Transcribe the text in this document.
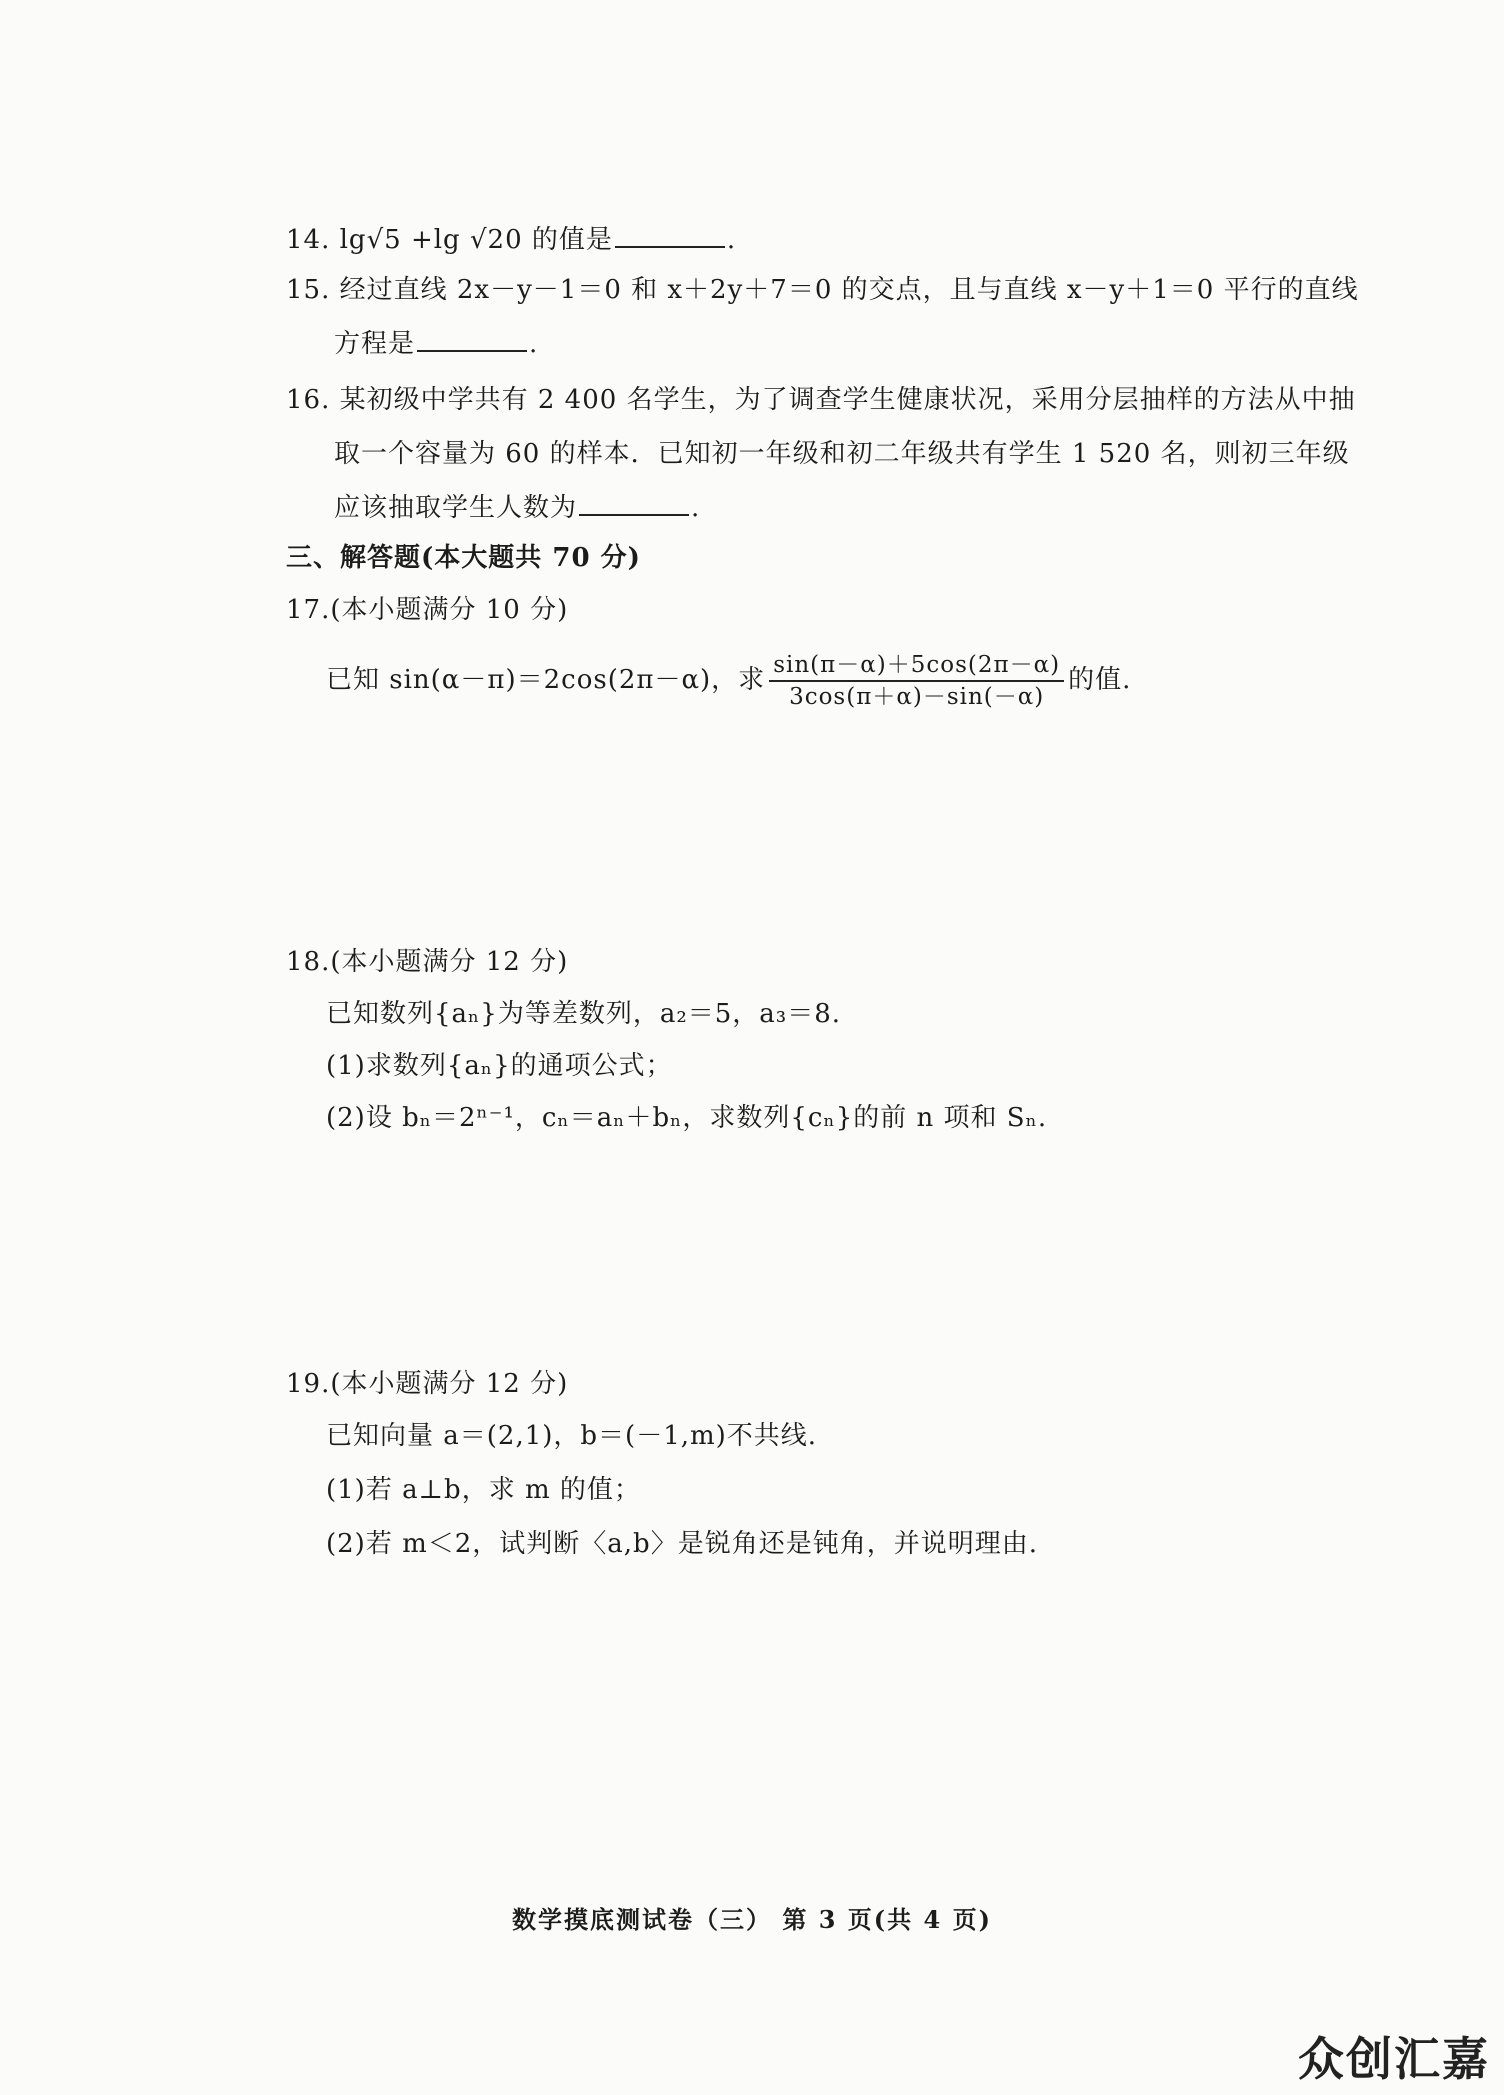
14. lg√5 +lg √20 的值是	.
15. 经过直线 2x－y－1＝0 和 x＋2y＋7＝0 的交点，且与直线 x－y＋1＝0 平行的直线
方程是	.
16. 某初级中学共有 2 400 名学生，为了调查学生健康状况，采用分层抽样的方法从中抽
取一个容量为 60 的样本．已知初一年级和初二年级共有学生 1 520 名，则初三年级
应该抽取学生人数为	.
三、解答题(本大题共 70 分)
17.(本小题满分 10 分)
已知 sin(α－π)＝2cos(2π－α)，求 $\frac{\sin(\pi-\alpha)+5\cos(2\pi-\alpha)}{3\cos(\pi+\alpha)-\sin(-\alpha)}$ 的值.
18.(本小题满分 12 分)
已知数列{aₙ}为等差数列，a₂＝5，a₃＝8.
(1)求数列{aₙ}的通项公式；
(2)设 bₙ＝2ⁿ⁻¹，cₙ＝aₙ＋bₙ，求数列{cₙ}的前 n 项和 Sₙ.
19.(本小题满分 12 分)
已知向量 a＝(2,1)，b＝(－1,m)不共线.
(1)若 a⊥b，求 m 的值；
(2)若 m＜2，试判断〈a,b〉是锐角还是钝角，并说明理由.
数学摸底测试卷（三） 第 3 页(共 4 页)
众创汇嘉
